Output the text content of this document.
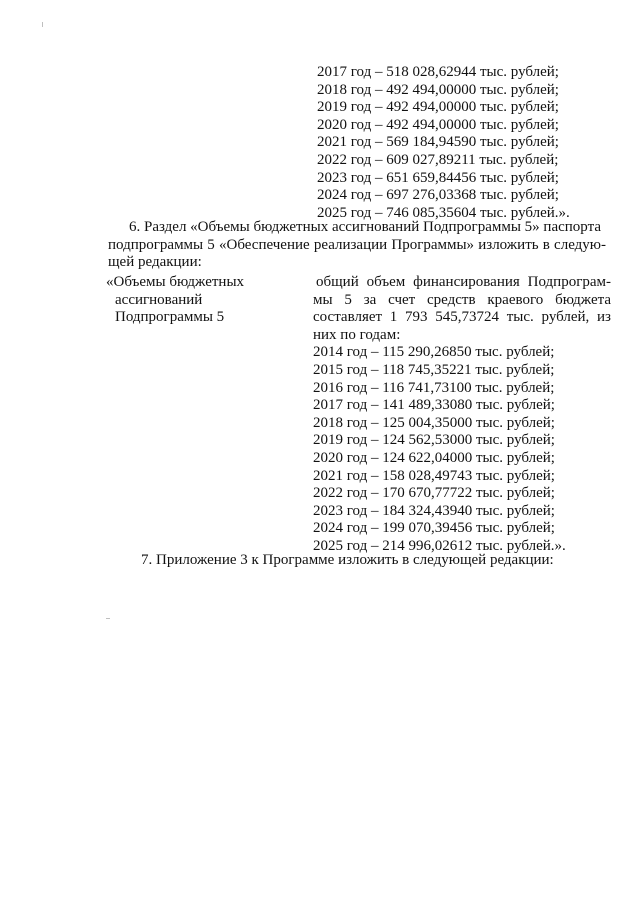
2017 год – 518 028,62944 тыс. рублей;
2018 год – 492 494,00000 тыс. рублей;
2019 год – 492 494,00000 тыс. рублей;
2020 год – 492 494,00000 тыс. рублей;
2021 год – 569 184,94590 тыс. рублей;
2022 год – 609 027,89211 тыс. рублей;
2023 год – 651 659,84456 тыс. рублей;
2024 год – 697 276,03368 тыс. рублей;
2025 год – 746 085,35604 тыс. рублей.».
6. Раздел «Объемы бюджетных ассигнований Подпрограммы 5» паспорта
подпрограммы 5 «Обеспечение реализации Программы» изложить в следую-
щей редакции:
«Объемы бюджетных
ассигнований
Подпрограммы 5
общий объем финансирования Подпрограм-
мы 5 за счет средств краевого бюджета
составляет 1 793 545,73724 тыс. рублей, из
них по годам:
2014 год – 115 290,26850 тыс. рублей;
2015 год – 118 745,35221 тыс. рублей;
2016 год – 116 741,73100 тыс. рублей;
2017 год – 141 489,33080 тыс. рублей;
2018 год – 125 004,35000 тыс. рублей;
2019 год – 124 562,53000 тыс. рублей;
2020 год – 124 622,04000 тыс. рублей;
2021 год – 158 028,49743 тыс. рублей;
2022 год – 170 670,77722 тыс. рублей;
2023 год – 184 324,43940 тыс. рублей;
2024 год – 199 070,39456 тыс. рублей;
2025 год – 214 996,02612 тыс. рублей.».
7. Приложение 3 к Программе изложить в следующей редакции:
